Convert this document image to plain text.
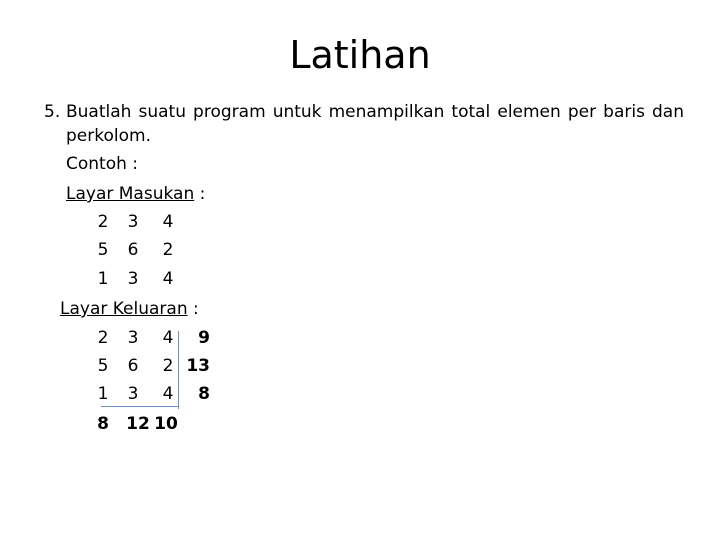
Latihan
5. Buatlah suatu program untuk menampilkan total elemen per baris dan perkolom.
Contoh :
Layar Masukan :
2	3	4
5	6	2
1	3	4
Layar Keluaran :
2	3	4	9
5	6	2 13
1	3	4	8
8	12 10
